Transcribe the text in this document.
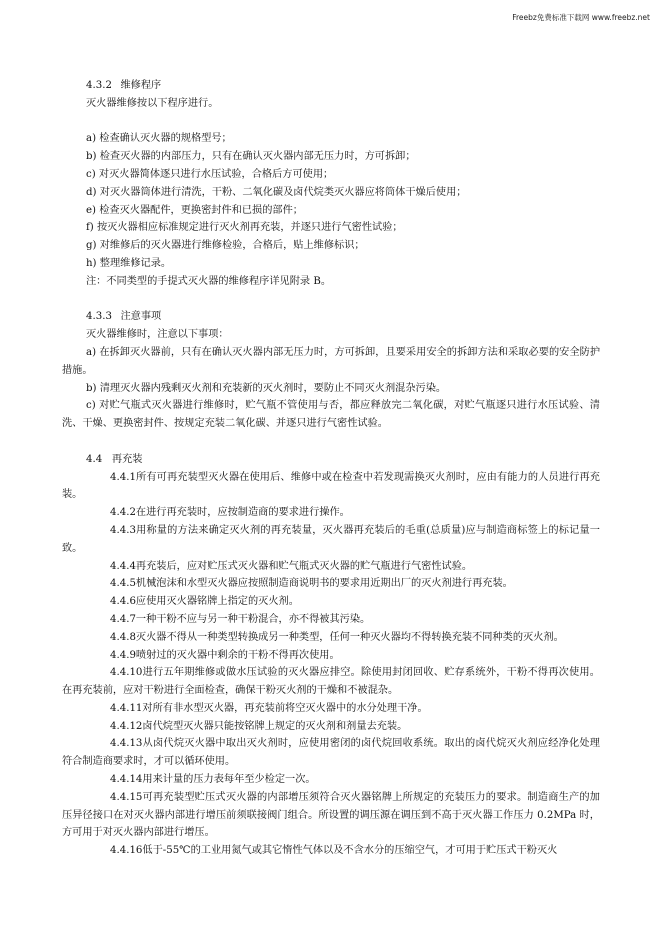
Freebz免费标准下载网 www.freebz.net
4.3.2 维修程序
灭火器维修按以下程序进行。
a) 检查确认灭火器的规格型号；
b) 检查灭火器的内部压力，只有在确认灭火器内部无压力时，方可拆卸；
c) 对灭火器简体逐只进行水压试验，合格后方可使用；
d) 对灭火器筒体进行清洗，干粉、二氧化碳及卤代烷类灭火器应将筒体干燥后使用；
e) 检查灭火器配件，更换密封件和已损的部件；
f) 按灭火器相应标准规定进行灭火剂再充装，并逐只进行气密性试验；
g) 对维修后的灭火器进行维修检验，合格后，贴上维修标识；
h) 整理维修记录。
注：不同类型的手提式灭火器的维修程序详见附录 B。
4.3.3 注意事项
灭火器维修时，注意以下事项：
a) 在拆卸灭火器前，只有在确认灭火器内部无压力时，方可拆卸，且要采用安全的拆卸方法和采取必要的安全防护措施。
b) 清理灭火器内残剩灭火剂和充装新的灭火剂时，要防止不同灭火剂混杂污染。
c) 对贮气瓶式灭火器进行维修时，贮气瓶不管使用与否，都应释放完二氧化碳，对贮气瓶逐只进行水压试验、清洗、干燥、更换密封件、按规定充装二氧化碳、并逐只进行气密性试验。
4.4 再充装
4.4.1所有可再充装型灭火器在使用后、维修中或在检查中若发现需换灭火剂时，应由有能力的人员进行再充装。
4.4.2在进行再充装时，应按制造商的要求进行操作。
4.4.3用称量的方法来确定灭火剂的再充装量，灭火器再充装后的毛重(总质量)应与制造商标签上的标记量一致。
4.4.4再充装后，应对贮压式灭火器和贮气瓶式灭火器的贮气瓶进行气密性试验。
4.4.5机械泡沫和水型灭火器应按照制造商说明书的要求用近期出厂的灭火剂进行再充装。
4.4.6应使用灭火器铭牌上指定的灭火剂。
4.4.7一种干粉不应与另一种干粉混合，亦不得被其污染。
4.4.8灭火器不得从一种类型转换成另一种类型，任何一种灭火器均不得转换充装不同种类的灭火剂。
4.4.9喷射过的灭火器中剩余的干粉不得再次使用。
4.4.10进行五年期维修或做水压试验的灭火器应排空。除使用封闭回收、贮存系统外，干粉不得再次使用。在再充装前，应对干粉进行全面检查，确保干粉灭火剂的干燥和不被混杂。
4.4.11对所有非水型灭火器，再充装前将空灭火器中的水分处理干净。
4.4.12卤代烷型灭火器只能按铭牌上规定的灭火剂和剂量去充装。
4.4.13从卤代烷灭火器中取出灭火剂时，应使用密闭的卤代烷回收系统。取出的卤代烷灭火剂应经净化处理符合制造商要求时，才可以循环使用。
4.4.14用来计量的压力表每年至少检定一次。
4.4.15可再充装型贮压式灭火器的内部增压须符合灭火器铭牌上所规定的充装压力的要求。制造商生产的加压异径接口在对灭火器内部进行增压前须联接阀门组合。所设置的调压源在调压到不高于灭火器工作压力 0.2MPa 时，方可用于对灭火器内部进行增压。
4.4.16低于-55℃的工业用氮气或其它惰性气体以及不含水分的压缩空气，才可用于贮压式干粉灭火
